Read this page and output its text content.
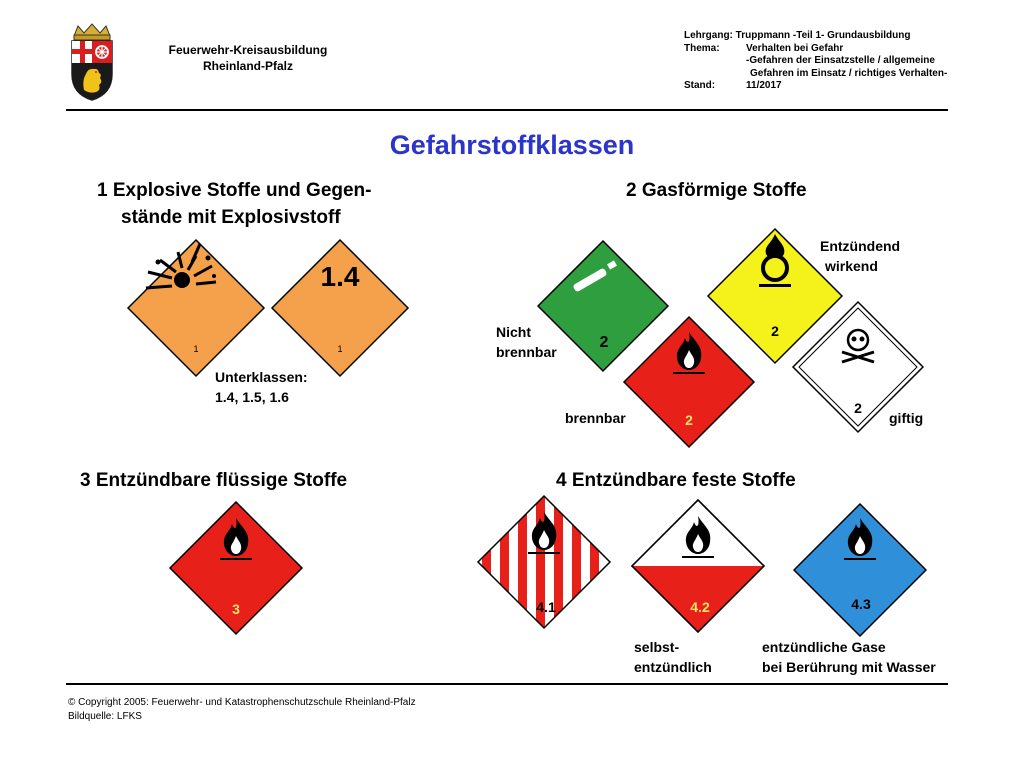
Feuerwehr-Kreisausbildung
Rheinland-Pfalz
Lehrgang:
Truppmann -Teil 1- Grundausbildung
Thema:	Verhalten bei Gefahr
-Gefahren der Einsatzstelle / allgemeine
Gefahren im Einsatz / richtiges Verhalten-
Stand:	11/2017
Gefahrstoffklassen
1 Explosive Stoffe und Gegen-
stände mit Explosivstoff
2 Gasförmige Stoffe
3 Entzündbare flüssige Stoffe	4 Entzündbare feste Stoffe
1
1.4
1	2
2
2
2
3	4.1	4.2	4.3
Unterklassen:
1.4, 1.5, 1.6
Entzündend
wirkend
Nicht
brennbar
brennbar	giftig
selbst-
entzündlich
entzündliche Gase
bei Berührung mit Wasser
© Copyright 2005: Feuerwehr- und Katastrophenschutzschule Rheinland-Pfalz
Bildquelle: LFKS
